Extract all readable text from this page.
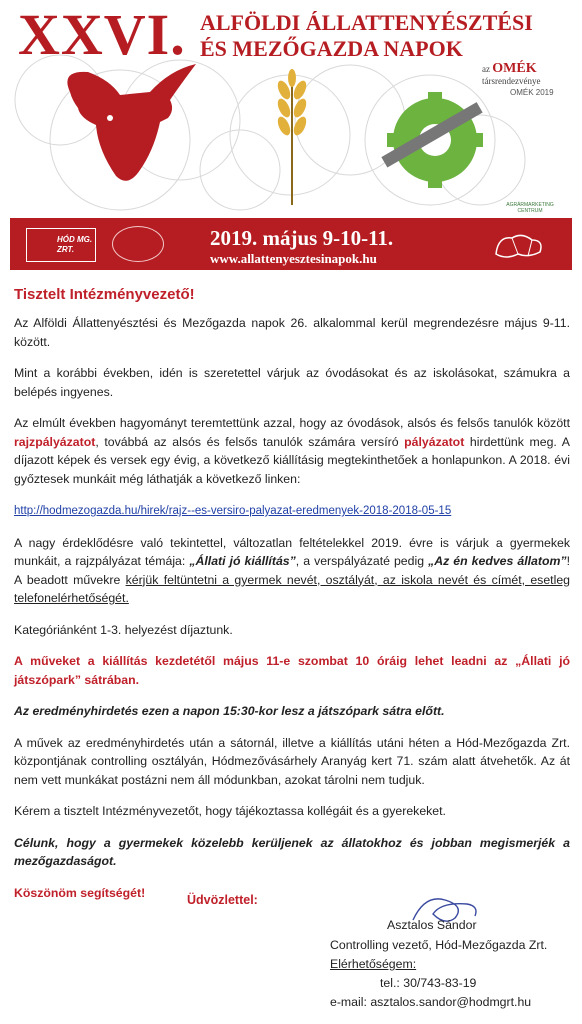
XXVI. ALFÖLDI ÁLLATTENYÉSZTÉSI
ÉS MEZŐGAZDA NAPOK
az OMÉK
társrendezvénye
OMÉK 2019
AGRÁRMARKETING CENTRUM
HÓD MG. ZRT.	2019. május 9-10-11.
www.allattenyesztesinapok.hu
Tisztelt Intézményvezető!

Az Alföldi Állattenyésztési és Mezőgazda napok 26. alkalommal kerül megrendezésre május 9-11. között.

Mint a korábbi években, idén is szeretettel várjuk az óvodásokat és az iskolásokat, számukra a belépés ingyenes.

Az elmúlt években hagyományt teremtettünk azzal, hogy az óvodások, alsós és felsős tanulók között rajzpályázatot, továbbá az alsós és felsős tanulók számára versíró pályázatot hirdettünk meg. A díjazott képek és versek egy évig, a következő kiállításig megtekinthetőek a honlapunkon. A 2018. évi győztesek munkáit még láthatják a következő linken:

http://hodmezogazda.hu/hirek/rajz--es-versiro-palyazat-eredmenyek-2018-2018-05-15

A nagy érdeklődésre való tekintettel, változatlan feltételekkel 2019. évre is várjuk a gyermekek munkáit, a rajzpályázat témája: „Állati jó kiállítás”, a verspályázaté pedig „Az én kedves állatom”! A beadott művekre kérjük feltüntetni a gyermek nevét, osztályát, az iskola nevét és címét, esetleg telefonelérhetőségét.

Kategóriánként 1-3. helyezést díjaztunk.

A műveket a kiállítás kezdetétől május 11-e szombat 10 óráig lehet leadni az „Állati jó játszópark” sátrában.

Az eredményhirdetés ezen a napon 15:30-kor lesz a játszópark sátra előtt.

A művek az eredményhirdetés után a sátornál, illetve a kiállítás utáni héten a Hód-Mezőgazda Zrt. központjának controlling osztályán, Hódmezővásárhely Aranyág kert 71. szám alatt átvehetők. Az át nem vett munkákat postázni nem áll módunkban, azokat tárolni nem tudjuk.

Kérem a tisztelt Intézményvezetőt, hogy tájékoztassa kollégáit és a gyerekeket.

Célunk, hogy a gyermekek közelebb kerüljenek az állatokhoz és jobban megismerjék a mezőgazdaságot.

Köszönöm segítségét!

Üdvözlettel:
Asztalos Sándor
Controlling vezető, Hód-Mezőgazda Zrt.
Elérhetőségem:
tel.: 30/743-83-19
e-mail: asztalos.sandor@hodmgrt.hu
